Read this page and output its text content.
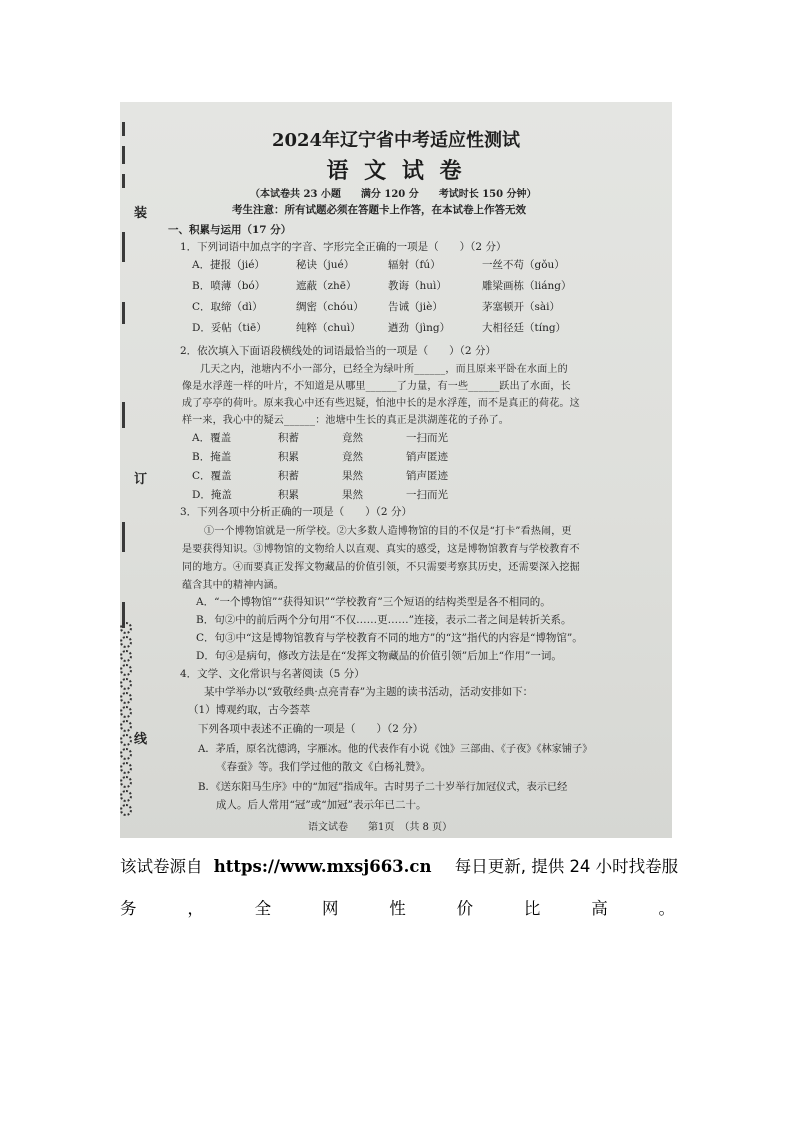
装
订
线
2024年辽宁省中考适应性测试
语 文 试 卷
（本试卷共 23 小题　　满分 120 分　　考试时长 150 分钟）
考生注意：所有试题必须在答题卡上作答，在本试卷上作答无效
一、积累与运用（17 分）
1．下列词语中加点字的字音、字形完全正确的一项是（　　）（2 分）
A．捷报（jié）	秘诀（jué）	辐射（fú）	一丝不苟（gǒu）
B．喷薄（bó）	遮蔽（zhē）	教诲（huì）	雕梁画栋（liáng）
C．取缔（dì）	绸密（chóu） 告诫（jiè）	茅塞顿开（sài）
D．妥帖（tiē）	纯粹（chuì）	遒劲（jìng）	大相径廷（tíng）
2．依次填入下面语段横线处的词语最恰当的一项是（　　）（2 分）
几天之内，池塘内不小一部分，已经全为绿叶所______，而且原来平卧在水面上的
像是水浮莲一样的叶片，不知道是从哪里______了力量，有一些______跃出了水面，长
成了亭亭的荷叶。原来我心中还有些迟疑，怕池中长的是水浮莲，而不是真正的荷花。这
样一来，我心中的疑云______：池塘中生长的真正是洪湖莲花的子孙了。
A．覆盖	积蓄	竟然	一扫而光
B．掩盖	积累	竟然	销声匿迹
C．覆盖	积蓄	果然	销声匿迹
D．掩盖	积累	果然	一扫而光
3．下列各项中分析正确的一项是（　　）（2 分）
①一个博物馆就是一所学校。②大多数人造博物馆的目的不仅是“打卡”看热闹，更
是要获得知识。③博物馆的文物给人以直观、真实的感受，这是博物馆教育与学校教育不
同的地方。④而要真正发挥文物藏品的价值引领，不只需要考察其历史，还需要深入挖掘
蕴含其中的精神内涵。
A．“一个博物馆”“获得知识”“学校教育”三个短语的结构类型是各不相同的。
B．句②中的前后两个分句用“不仅……更……”连接，表示二者之间是转折关系。
C．句③中“这是博物馆教育与学校教育不同的地方”的“这”指代的内容是“博物馆”。
D．句④是病句，修改方法是在“发挥文物藏品的价值引领”后加上“作用”一词。
4．文学、文化常识与名著阅读（5 分）
某中学举办以“致敬经典·点亮青春”为主题的读书活动，活动安排如下：
（1）博观约取，古今荟萃
下列各项中表述不正确的一项是（　　）（2 分）
A．茅盾，原名沈德鸿，字雁冰。他的代表作有小说《蚀》三部曲、《子夜》《林家铺子》
《春蚕》等。我们学过他的散文《白杨礼赞》。
B．《送东阳马生序》中的“加冠”指成年。古时男子二十岁举行加冠仪式，表示已经
成人。后人常用“冠”或“加冠”表示年已二十。
语文试卷　　第1页　（共 8 页）
该试卷源自 https://www.mxsj663.cn 每日更新, 提供 24 小时找卷服
务	，	全	网	性	价	比	高	。
